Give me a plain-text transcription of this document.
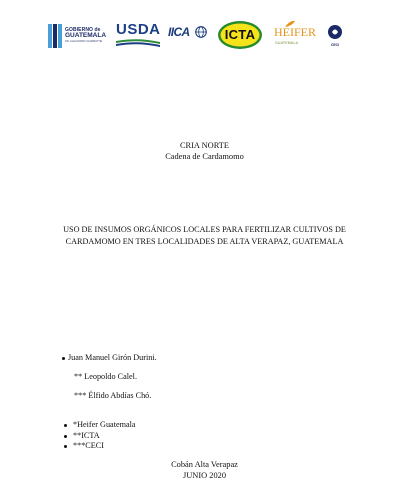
GOBIERNO de
GUATEMALA
DR. ALEJANDRO GIAMMATTEI
USDA IICA	ICTA	HEIFER
GUATEMALA	CECI
CRIA NORTE
Cadena de Cardamomo
USO DE INSUMOS ORGÁNICOS LOCALES PARA FERTILIZAR CULTIVOS DE CARDAMOMO EN TRES LOCALIDADES DE ALTA VERAPAZ, GUATEMALA
Juan Manuel Girón Durini.
** Leopoldo Calel.
*** Élfido Abdías Chó.
*Heifer Guatemala
**ICTA
***CECI
Cobán Alta Verapaz
JUNIO 2020
